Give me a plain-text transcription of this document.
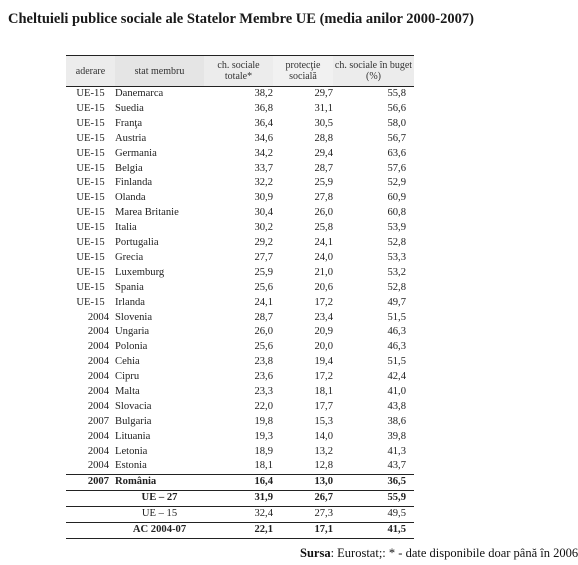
Cheltuieli publice sociale ale Statelor Membre UE (media anilor 2000-2007)
aderare	stat membru	ch. sociale totale*	protecţie socială	ch. sociale în buget (%)
UE-15	Danemarca	38,2	29,7	55,8
UE-15	Suedia	36,8	31,1	56,6
UE-15	Franţa	36,4	30,5	58,0
UE-15	Austria	34,6	28,8	56,7
UE-15	Germania	34,2	29,4	63,6
UE-15	Belgia	33,7	28,7	57,6
UE-15	Finlanda	32,2	25,9	52,9
UE-15	Olanda	30,9	27,8	60,9
UE-15	Marea Britanie	30,4	26,0	60,8
UE-15	Italia	30,2	25,8	53,9
UE-15	Portugalia	29,2	24,1	52,8
UE-15	Grecia	27,7	24,0	53,3
UE-15	Luxemburg	25,9	21,0	53,2
UE-15	Spania	25,6	20,6	52,8
UE-15	Irlanda	24,1	17,2	49,7
2004	Slovenia	28,7	23,4	51,5
2004	Ungaria	26,0	20,9	46,3
2004	Polonia	25,6	20,0	46,3
2004	Cehia	23,8	19,4	51,5
2004	Cipru	23,6	17,2	42,4
2004	Malta	23,3	18,1	41,0
2004	Slovacia	22,0	17,7	43,8
2007	Bulgaria	19,8	15,3	38,6
2004	Lituania	19,3	14,0	39,8
2004	Letonia	18,9	13,2	41,3
2004	Estonia	18,1	12,8	43,7
2007	România	16,4	13,0	36,5
	UE – 27	31,9	26,7	55,9
	UE – 15	32,4	27,3	49,5
	AC 2004-07	22,1	17,1	41,5
Sursa: Eurostat;: * - date disponibile doar până în 2006
